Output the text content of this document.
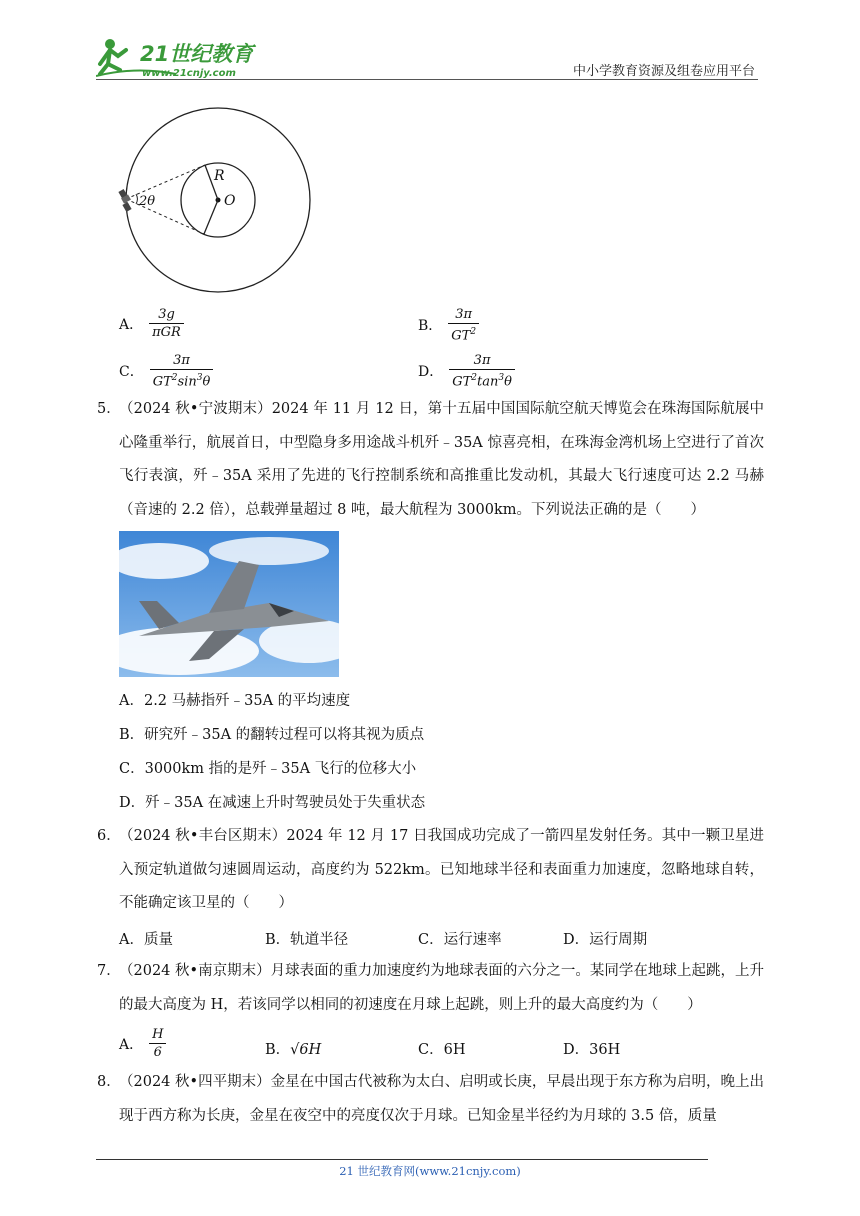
21世纪教育
www.21cnjy.com	中小学教育资源及组卷应用平台
R
O
2θ
A． $\frac{3g}{\text{πGR}}$	B． $\frac{3\pi}{GT^2}$
C． $\frac{3\pi}{GT^2\sin^3\theta}$	D． $\frac{3\pi}{GT^2\tan^3\theta}$
5．
（2024 秋•宁波期末）2024 年 11 月 12 日，第十五届中国国际航空航天博览会在珠海国际航展中心隆重举行，航展首日，中型隐身多用途战斗机歼﹣35A 惊喜亮相，在珠海金湾机场上空进行了首次飞行表演，歼﹣35A 采用了先进的飞行控制系统和高推重比发动机，其最大飞行速度可达 2.2 马赫（音速的 2.2 倍），总载弹量超过 8 吨，最大航程为 3000km。下列说法正确的是（　　）
A．2.2 马赫指歼﹣35A 的平均速度
B．研究歼﹣35A 的翻转过程可以将其视为质点
C．3000km 指的是歼﹣35A 飞行的位移大小
D．歼﹣35A 在减速上升时驾驶员处于失重状态
6．
（2024 秋•丰台区期末）2024 年 12 月 17 日我国成功完成了一箭四星发射任务。其中一颗卫星进入预定轨道做匀速圆周运动，高度约为 522km。已知地球半径和表面重力加速度，忽略地球自转，不能确定该卫星的（　　）
A．质量	B．轨道半径	C．运行速率	D．运行周期
7．
（2024 秋•南京期末）月球表面的重力加速度约为地球表面的六分之一。某同学在地球上起跳，上升的最大高度为 H，若该同学以相同的初速度在月球上起跳，则上升的最大高度约为（　　）
A． $\frac{H}{6}$	B．√6H	C．6H	D．36H
8．
（2024 秋•四平期末）金星在中国古代被称为太白、启明或长庚，早晨出现于东方称为启明，晚上出现于西方称为长庚，金星在夜空中的亮度仅次于月球。已知金星半径约为月球的 3.5 倍，质量
21 世纪教育网(www.21cnjy.com)
